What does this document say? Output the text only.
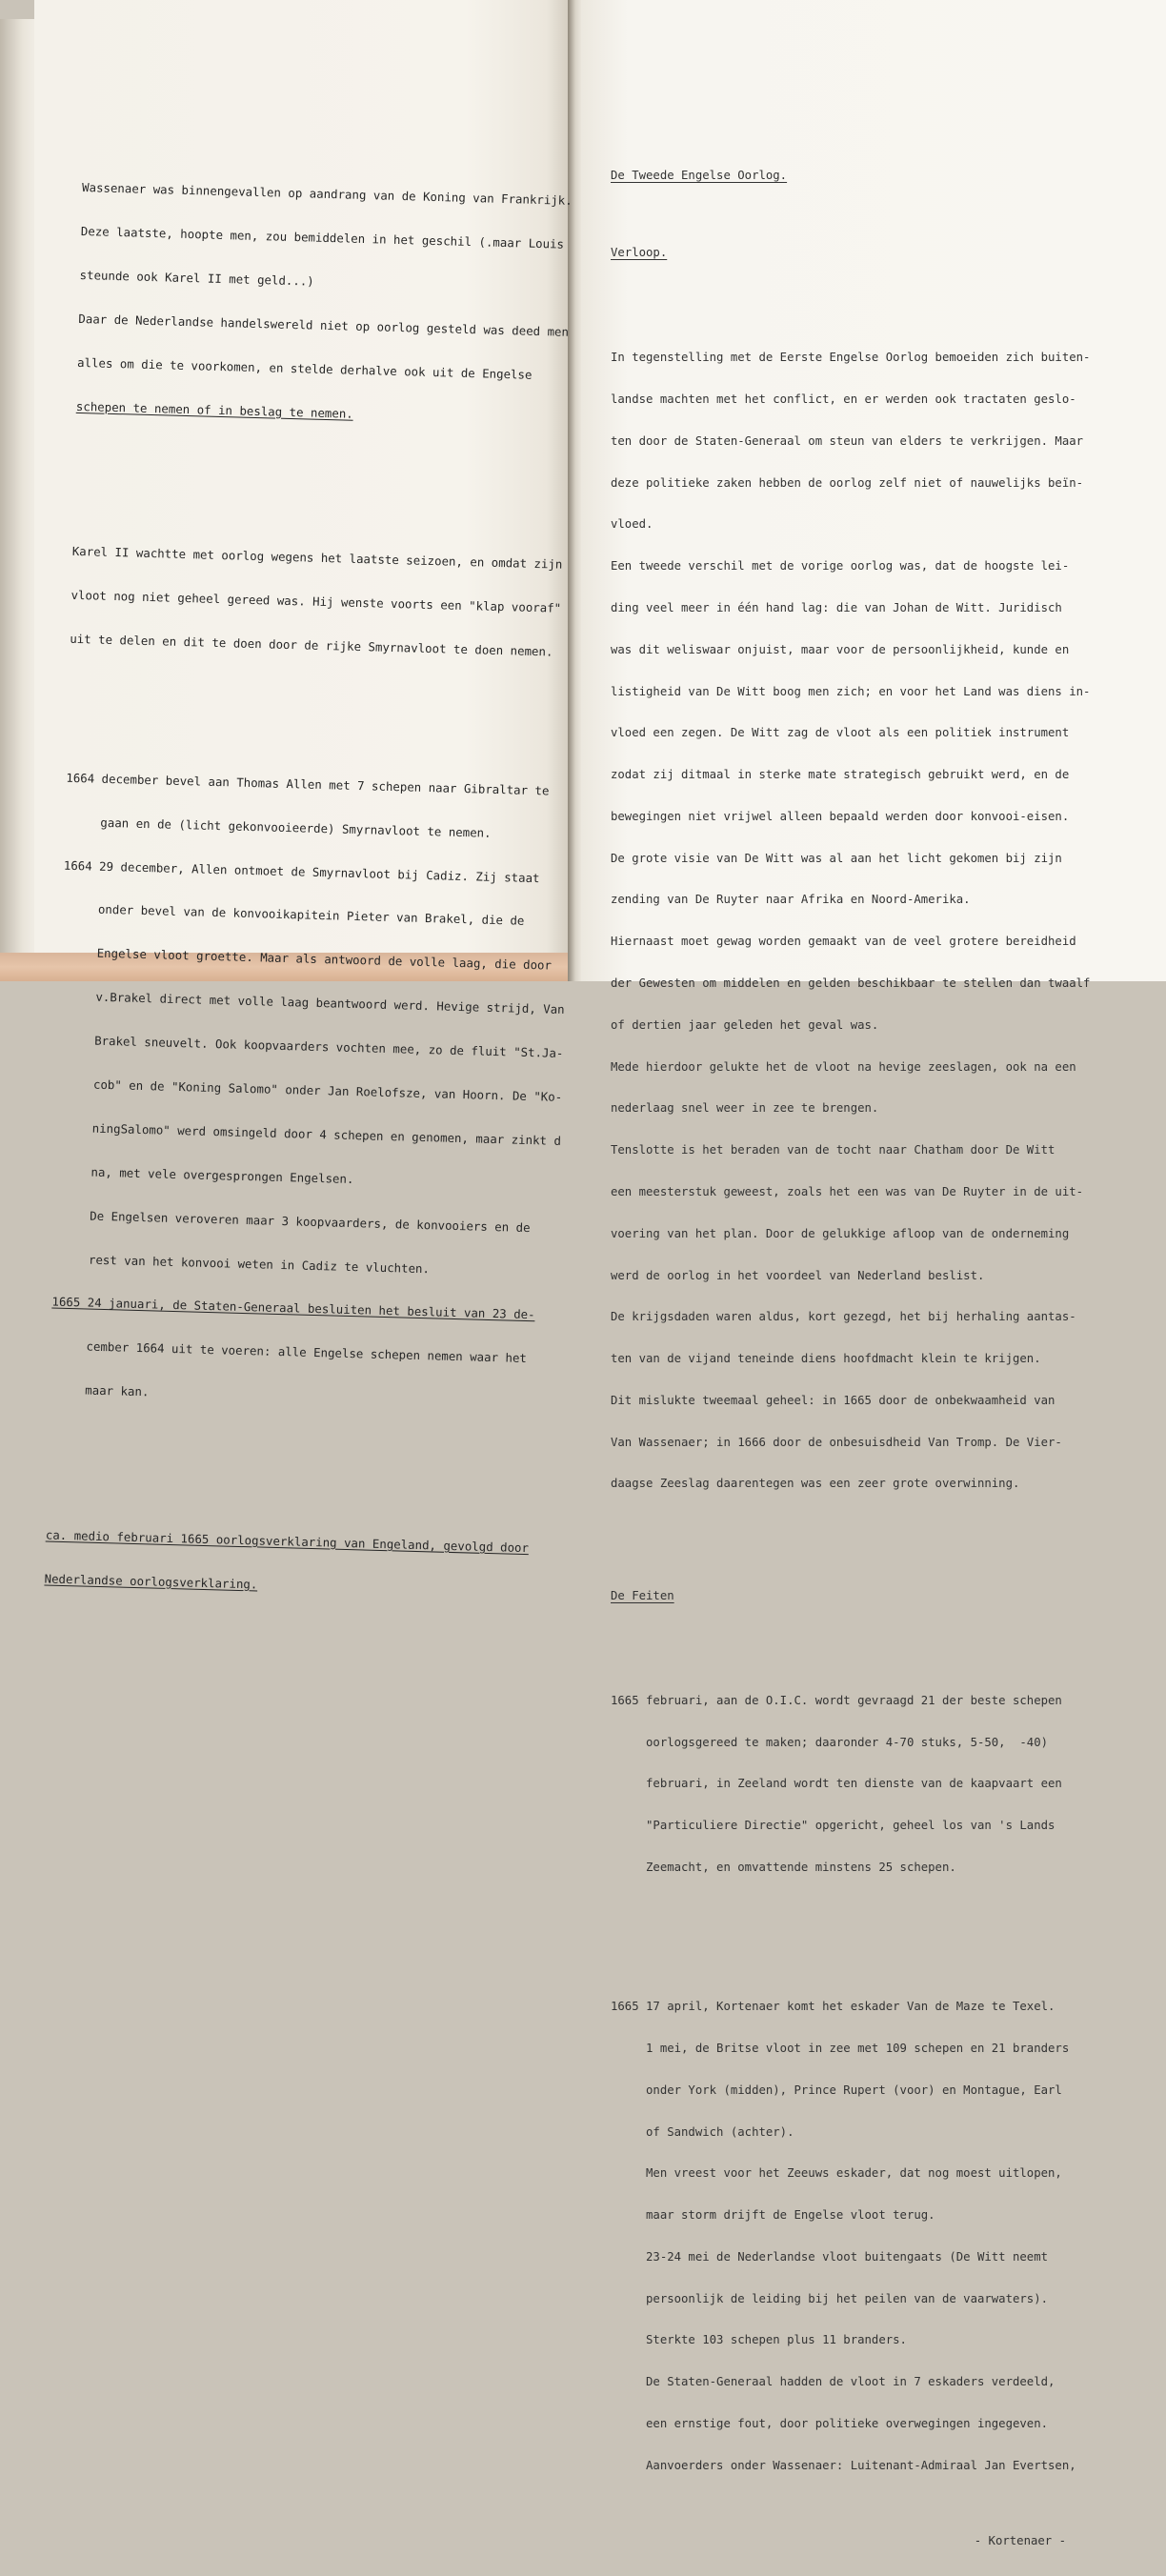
Wassenaer was binnengevallen op aandrang van de Koning van Frankrijk.

Deze laatste, hoopte men, zou bemiddelen in het geschil (.maar Louis

steunde ook Karel II met geld...)

Daar de Nederlandse handelswereld niet op oorlog gesteld was deed men

alles om die te voorkomen, en stelde derhalve ook uit de Engelse

schepen te nemen of in beslag te nemen.

Karel II wachtte met oorlog wegens het laatste seizoen, en omdat zijn

vloot nog niet geheel gereed was. Hij wenste voorts een "klap vooraf"

uit te delen en dit te doen door de rijke Smyrnavloot te doen nemen.

1664 december bevel aan Thomas Allen met 7 schepen naar Gibraltar te

gaan en de (licht gekonvooieerde) Smyrnavloot te nemen.

1664 29 december, Allen ontmoet de Smyrnavloot bij Cadiz. Zij staat

onder bevel van de konvooikapitein Pieter van Brakel, die de

Engelse vloot groette. Maar als antwoord de volle laag, die door

v.Brakel direct met volle laag beantwoord werd. Hevige strijd, Van

Brakel sneuvelt. Ook koopvaarders vochten mee, zo de fluit "St.Ja-

cob" en de "Koning Salomo" onder Jan Roelofsze, van Hoorn. De "Ko-

ningSalomo" werd omsingeld door 4 schepen en genomen, maar zinkt d

na, met vele overgesprongen Engelsen.

De Engelsen veroveren maar 3 koopvaarders, de konvooiers en de

rest van het konvooi weten in Cadiz te vluchten.

1665 24 januari, de Staten-Generaal besluiten het besluit van 23 de-

cember 1664 uit te voeren: alle Engelse schepen nemen waar het

maar kan.

ca. medio februari 1665 oorlogsverklaring van Engeland, gevolgd door

Nederlandse oorlogsverklaring.

De Tweede Engelse Oorlog.

Verloop.

In tegenstelling met de Eerste Engelse Oorlog bemoeiden zich buiten-

landse machten met het conflict, en er werden ook tractaten geslo-

ten door de Staten-Generaal om steun van elders te verkrijgen. Maar

deze politieke zaken hebben de oorlog zelf niet of nauwelijks beïn-

vloed.

Een tweede verschil met de vorige oorlog was, dat de hoogste lei-

ding veel meer in één hand lag: die van Johan de Witt. Juridisch

was dit weliswaar onjuist, maar voor de persoonlijkheid, kunde en

listigheid van De Witt boog men zich; en voor het Land was diens in-

vloed een zegen. De Witt zag de vloot als een politiek instrument

zodat zij ditmaal in sterke mate strategisch gebruikt werd, en de

bewegingen niet vrijwel alleen bepaald werden door konvooi-eisen.

De grote visie van De Witt was al aan het licht gekomen bij zijn

zending van De Ruyter naar Afrika en Noord-Amerika.

Hiernaast moet gewag worden gemaakt van de veel grotere bereidheid

der Gewesten om middelen en gelden beschikbaar te stellen dan twaalf

of dertien jaar geleden het geval was.

Mede hierdoor gelukte het de vloot na hevige zeeslagen, ook na een

nederlaag snel weer in zee te brengen.

Tenslotte is het beraden van de tocht naar Chatham door De Witt

een meesterstuk geweest, zoals het een was van De Ruyter in de uit-

voering van het plan. Door de gelukkige afloop van de onderneming

werd de oorlog in het voordeel van Nederland beslist.

De krijgsdaden waren aldus, kort gezegd, het bij herhaling aantas-

ten van de vijand teneinde diens hoofdmacht klein te krijgen.

Dit mislukte tweemaal geheel: in 1665 door de onbekwaamheid van

Van Wassenaer; in 1666 door de onbesuisdheid Van Tromp. De Vier-

daagse Zeeslag daarentegen was een zeer grote overwinning.

De Feiten

1665 februari, aan de O.I.C. wordt gevraagd 21 der beste schepen

oorlogsgereed te maken; daaronder 4-70 stuks, 5-50,  -40)

februari, in Zeeland wordt ten dienste van de kaapvaart een

"Particuliere Directie" opgericht, geheel los van 's Lands

Zeemacht, en omvattende minstens 25 schepen.

1665 17 april, Kortenaer komt het eskader Van de Maze te Texel.

1 mei, de Britse vloot in zee met 109 schepen en 21 branders

onder York (midden), Prince Rupert (voor) en Montague, Earl

of Sandwich (achter).

Men vreest voor het Zeeuws eskader, dat nog moest uitlopen,

maar storm drijft de Engelse vloot terug.

23-24 mei de Nederlandse vloot buitengaats (De Witt neemt

persoonlijk de leiding bij het peilen van de vaarwaters).

Sterkte 103 schepen plus 11 branders.

De Staten-Generaal hadden de vloot in 7 eskaders verdeeld,

een ernstige fout, door politieke overwegingen ingegeven.

Aanvoerders onder Wassenaer: Luitenant-Admiraal Jan Evertsen,

- Kortenaer -
